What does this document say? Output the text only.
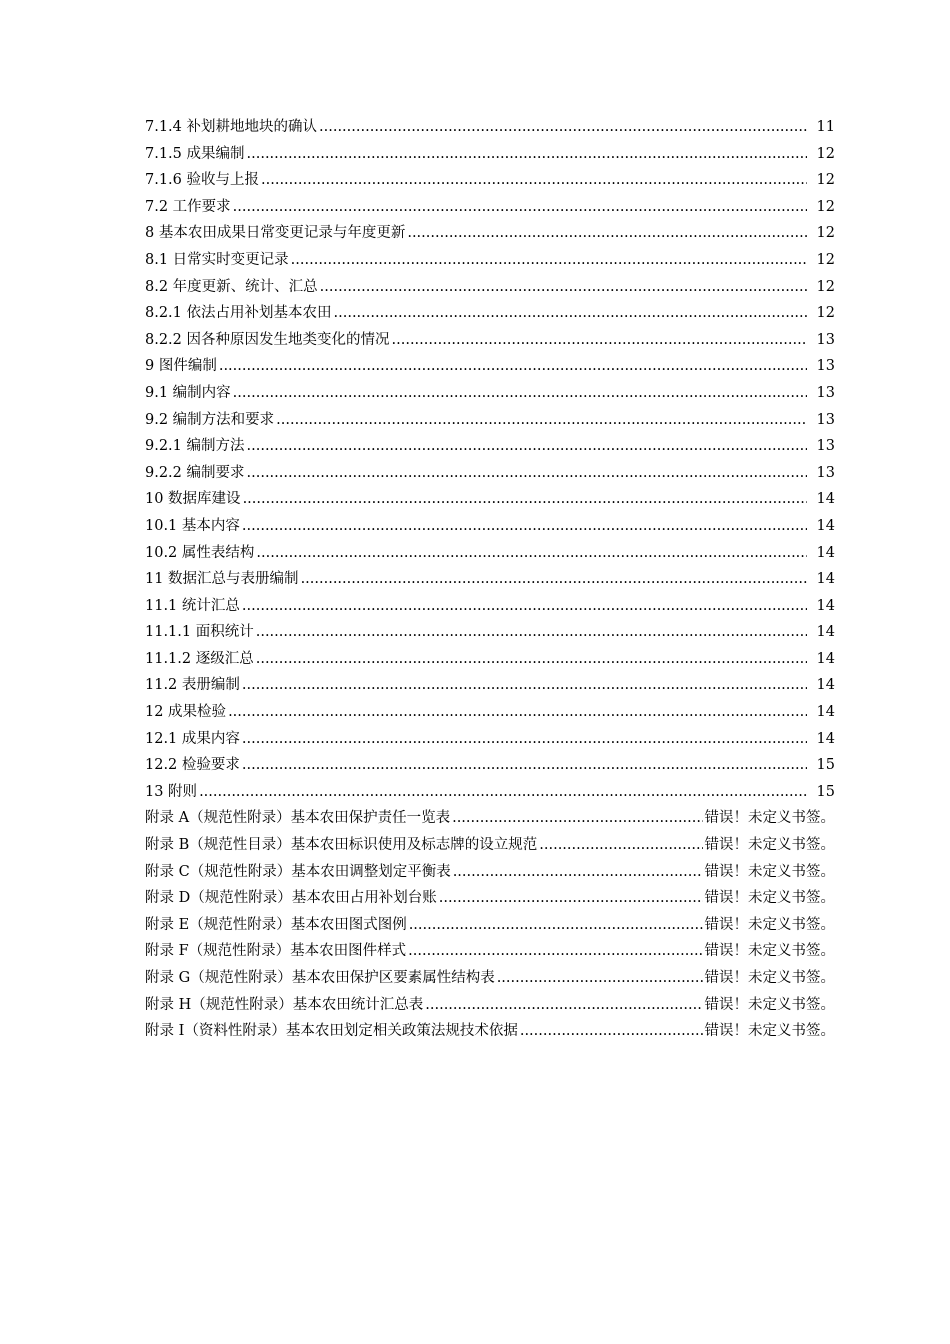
7.1.4 补划耕地地块的确认 .....	11
7.1.5 成果编制 .....	12
7.1.6 验收与上报 .....	12
7.2 工作要求 .....	12
8 基本农田成果日常变更记录与年度更新 .....	12
8.1 日常实时变更记录 .....	12
8.2 年度更新、统计、汇总 .....	12
8.2.1 依法占用补划基本农田 .....	12
8.2.2 因各种原因发生地类变化的情况 .....	13
9 图件编制 .....	13
9.1 编制内容 .....	13
9.2 编制方法和要求 .....	13
9.2.1 编制方法 .....	13
9.2.2 编制要求 .....	13
10 数据库建设 .....	14
10.1 基本内容 .....	14
10.2 属性表结构 .....	14
11 数据汇总与表册编制 .....	14
11.1 统计汇总 .....	14
11.1.1 面积统计 .....	14
11.1.2 逐级汇总 .....	14
11.2 表册编制 .....	14
12 成果检验 .....	14
12.1 成果内容 .....	14
12.2 检验要求 .....	15
13 附则 .....	15
附录 A（规范性附录）基本农田保护责任一览表 .....	错误！未定义书签。
附录 B（规范性目录）基本农田标识使用及标志牌的设立规范 .....	错误！未定义书签。
附录 C（规范性附录）基本农田调整划定平衡表 .....	错误！未定义书签。
附录 D（规范性附录）基本农田占用补划台账 .....	错误！未定义书签。
附录 E（规范性附录）基本农田图式图例 .....	错误！未定义书签。
附录 F（规范性附录）基本农田图件样式 .....	错误！未定义书签。
附录 G（规范性附录）基本农田保护区要素属性结构表 .....	错误！未定义书签。
附录 H（规范性附录）基本农田统计汇总表 .....	错误！未定义书签。
附录 I（资料性附录）基本农田划定相关政策法规技术依据 .....	错误！未定义书签。
